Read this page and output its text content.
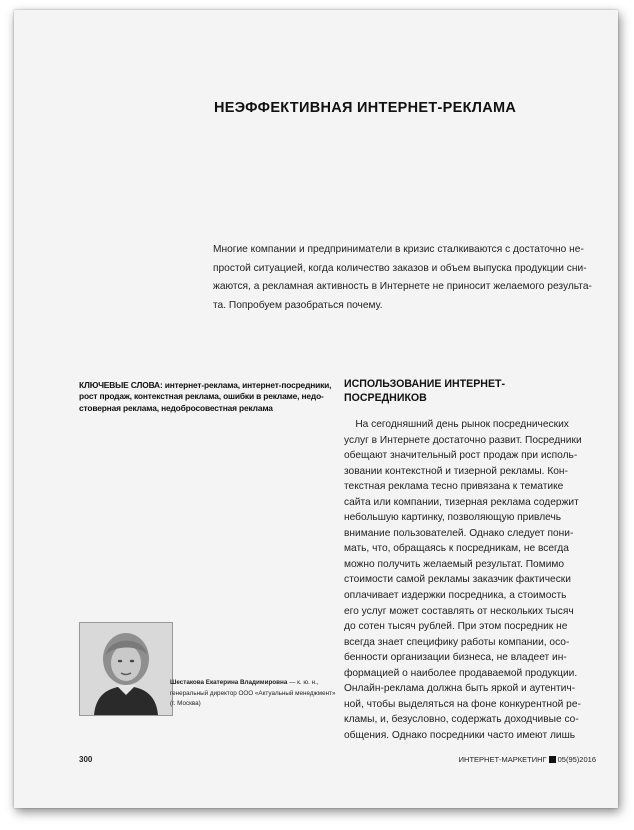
НЕЭФФЕКТИВНАЯ ИНТЕРНЕТ-РЕКЛАМА
Многие компании и предприниматели в кризис сталкиваются с достаточно не-
простой ситуацией, когда количество заказов и объем выпуска продукции сни-
жаются, а рекламная активность в Интернете не приносит желаемого результа-
та. Попробуем разобраться почему.
КЛЮЧЕВЫЕ СЛОВА: интернет-реклама, интернет-посредники,
рост продаж, контекстная реклама, ошибки в рекламе, недо-
стоверная реклама, недобросовестная реклама
ИСПОЛЬЗОВАНИЕ ИНТЕРНЕТ-
ПОСРЕДНИКОВ
На сегодняшний день рынок посреднических
услуг в Интернете достаточно развит. Посредники
обещают значительный рост продаж при исполь-
зовании контекстной и тизерной рекламы. Кон-
текстная реклама тесно привязана к тематике
сайта или компании, тизерная реклама содержит
небольшую картинку, позволяющую привлечь
внимание пользователей. Однако следует пони-
мать, что, обращаясь к посредникам, не всегда
можно получить желаемый результат. Помимо
стоимости самой рекламы заказчик фактически
оплачивает издержки посредника, а стоимость
его услуг может составлять от нескольких тысяч
до сотен тысяч рублей. При этом посредник не
всегда знает специфику работы компании, осо-
бенности организации бизнеса, не владеет ин-
формацией о наиболее продаваемой продукции.
Онлайн-реклама должна быть яркой и аутентич-
ной, чтобы выделяться на фоне конкурентной ре-
кламы, и, безусловно, содержать доходчивые со-
общения. Однако посредники часто имеют лишь
Шестакова Екатерина Владимировна — к. ю. н.,
генеральный директор ООО «Актуальный менеджмент»
(г. Москва)
300	ИНТЕРНЕТ-МАРКЕТИНГ 05(95)2016
